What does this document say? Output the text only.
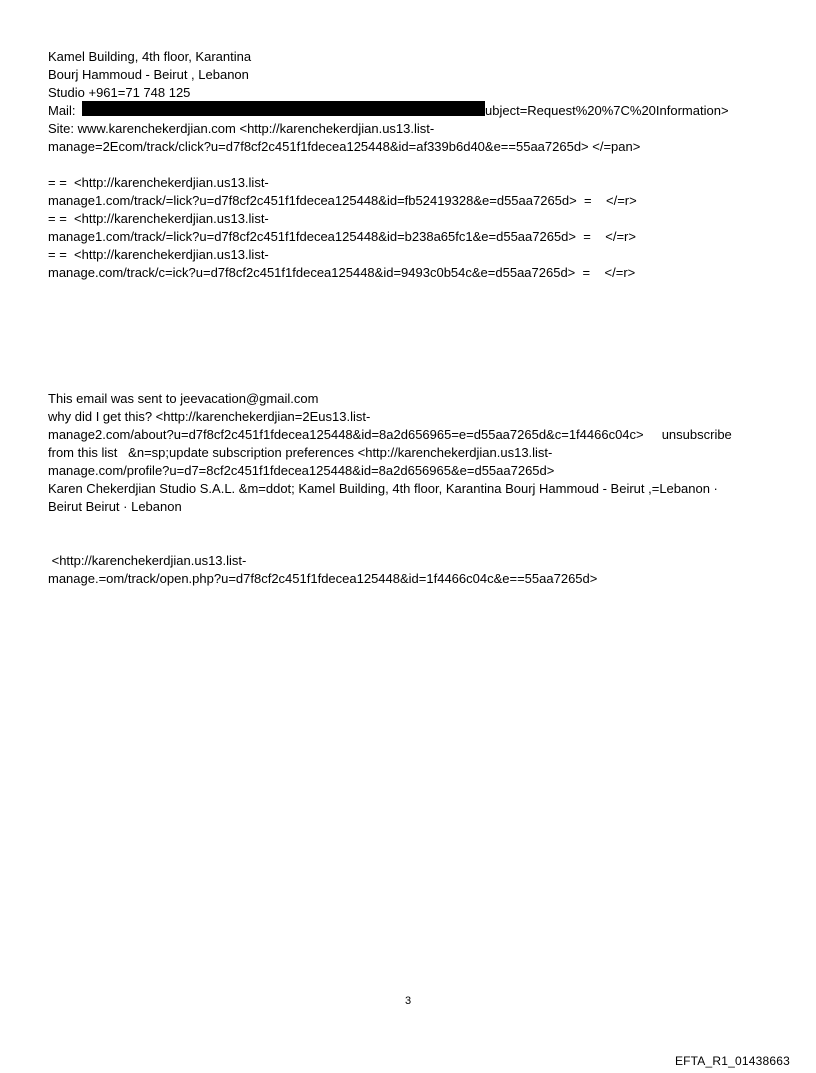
Kamel Building, 4th floor, Karantina
Bourj Hammoud - Beirut , Lebanon
Studio +961=71 748 125
Mail:	ubject=Request%20%7C%20Information>
Site: www.karenchekerdjian.com <http://karenchekerdjian.us13.list-
manage=2Ecom/track/click?u=d7f8cf2c451f1fdecea125448&id=af339b6d40&e==55aa7265d> </=pan>
= =  <http://karenchekerdjian.us13.list-
manage1.com/track/=lick?u=d7f8cf2c451f1fdecea125448&id=fb52419328&e=d55aa7265d>  =    </=r>
= =  <http://karenchekerdjian.us13.list-
manage1.com/track/=lick?u=d7f8cf2c451f1fdecea125448&id=b238a65fc1&e=d55aa7265d>  =    </=r>
= =  <http://karenchekerdjian.us13.list-
manage.com/track/c=ick?u=d7f8cf2c451f1fdecea125448&id=9493c0b54c&e=d55aa7265d>  =    </=r>
This email was sent to jeevacation@gmail.com
why did I get this? <http://karenchekerdjian=2Eus13.list-
manage2.com/about?u=d7f8cf2c451f1fdecea125448&id=8a2d656965=e=d55aa7265d&c=1f4466c04c>     unsubscribe
from this list   &n=sp;update subscription preferences <http://karenchekerdjian.us13.list-
manage.com/profile?u=d7=8cf2c451f1fdecea125448&id=8a2d656965&e=d55aa7265d>
Karen Chekerdjian Studio S.A.L. &m=ddot; Kamel Building, 4th floor, Karantina Bourj Hammoud - Beirut ,=Lebanon ·
Beirut Beirut · Lebanon
<http://karenchekerdjian.us13.list-
manage.=om/track/open.php?u=d7f8cf2c451f1fdecea125448&id=1f4466c04c&e==55aa7265d>
3
EFTA_R1_01438663
